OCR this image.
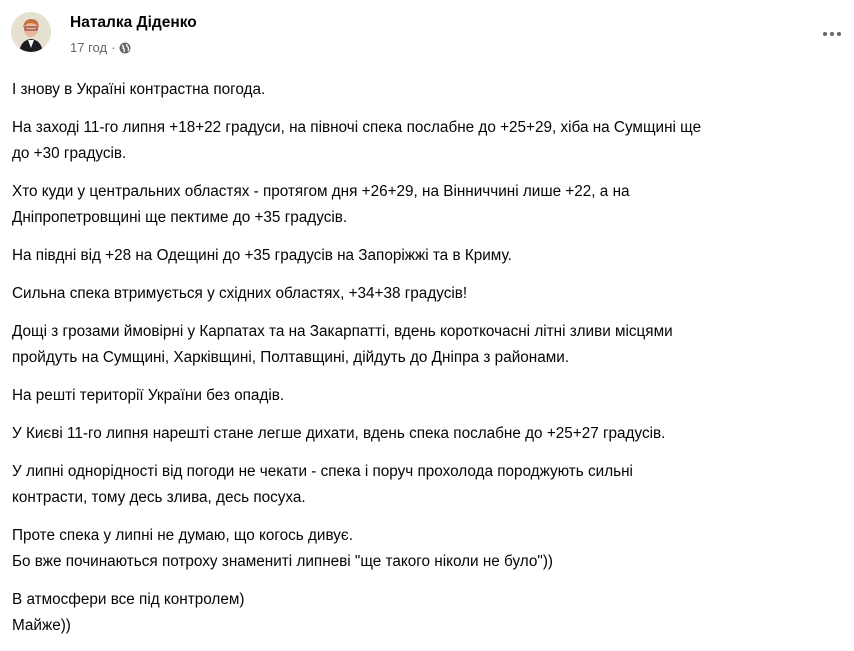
Наталка Діденко
17 год ·
І знову в Україні контрастна погода.
На заході 11-го липня +18+22 градуси, на півночі спека послабне до +25+29, хіба на Сумщині ще
до +30 градусів.
Хто куди у центральних областях - протягом дня +26+29, на Вінниччині лише +22, а на
Дніпропетровщині ще пектиме до +35 градусів.
На півдні від +28 на Одещині до +35 градусів на Запоріжжі та в Криму.
Сильна спека втримується у східних областях, +34+38 градусів!
Дощі з грозами ймовірні у Карпатах та на Закарпатті, вдень короткочасні літні зливи місцями
пройдуть на Сумщині, Харківщині, Полтавщині, дійдуть до Дніпра з районами.
На решті території України без опадів.
У Києві 11-го липня нарешті стане легше дихати, вдень спека послабне до +25+27 градусів.
У липні однорідності від погоди не чекати - спека і поруч прохолода породжують сильні
контрасти, тому десь злива, десь посуха.
Проте спека у липні не думаю, що когось дивує.
Бо вже починаються потроху знамениті липневі "ще такого ніколи не було"))
В атмосфери все під контролем)
Майже))
